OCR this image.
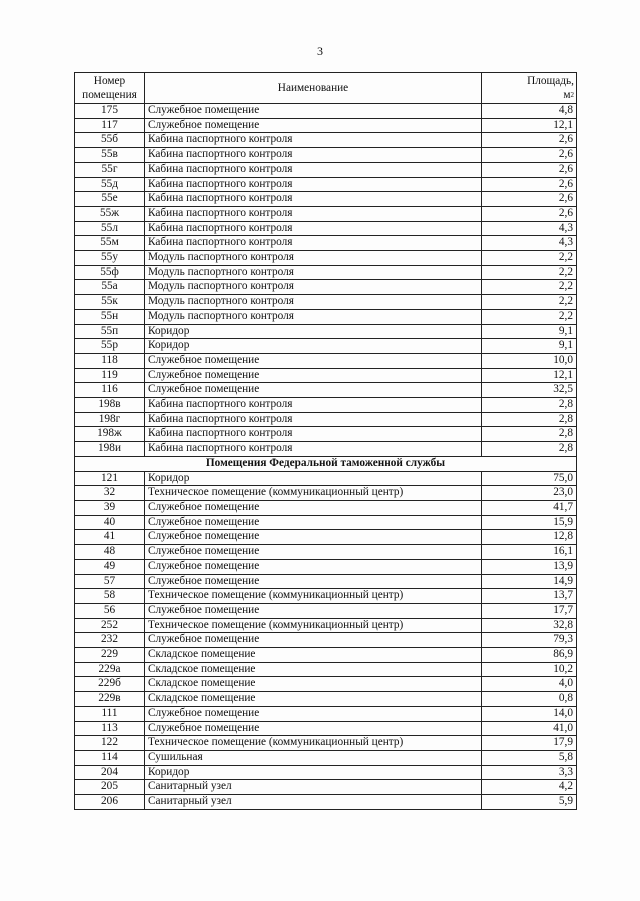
3
Номер
помещения	Наименование	Площадь,
$м^2$
175	Служебное помещение	4,8
117	Служебное помещение	12,1
55б	Кабина паспортного контроля	2,6
55в	Кабина паспортного контроля	2,6
55г	Кабина паспортного контроля	2,6
55д	Кабина паспортного контроля	2,6
55е	Кабина паспортного контроля	2,6
55ж	Кабина паспортного контроля	2,6
55л	Кабина паспортного контроля	4,3
55м	Кабина паспортного контроля	4,3
55у	Модуль паспортного контроля	2,2
55ф	Модуль паспортного контроля	2,2
55а	Модуль паспортного контроля	2,2
55к	Модуль паспортного контроля	2,2
55н	Модуль паспортного контроля	2,2
55п	Коридор	9,1
55р	Коридор	9,1
118	Служебное помещение	10,0
119	Служебное помещение	12,1
116	Служебное помещение	32,5
198в	Кабина паспортного контроля	2,8
198г	Кабина паспортного контроля	2,8
198ж	Кабина паспортного контроля	2,8
198и	Кабина паспортного контроля	2,8
Помещения Федеральной таможенной службы		
121	Коридор	75,0
32	Техническое помещение (коммуникационный центр)	23,0
39	Служебное помещение	41,7
40	Служебное помещение	15,9
41	Служебное помещение	12,8
48	Служебное помещение	16,1
49	Служебное помещение	13,9
57	Служебное помещение	14,9
58	Техническое помещение (коммуникационный центр)	13,7
56	Служебное помещение	17,7
252	Техническое помещение (коммуникационный центр)	32,8
232	Служебное помещение	79,3
229	Складское помещение	86,9
229а	Складское помещение	10,2
229б	Складское помещение	4,0
229в	Складское помещение	0,8
111	Служебное помещение	14,0
113	Служебное помещение	41,0
122	Техническое помещение (коммуникационный центр)	17,9
114	Сушильная	5,8
204	Коридор	3,3
205	Санитарный узел	4,2
206	Санитарный узел	5,9
